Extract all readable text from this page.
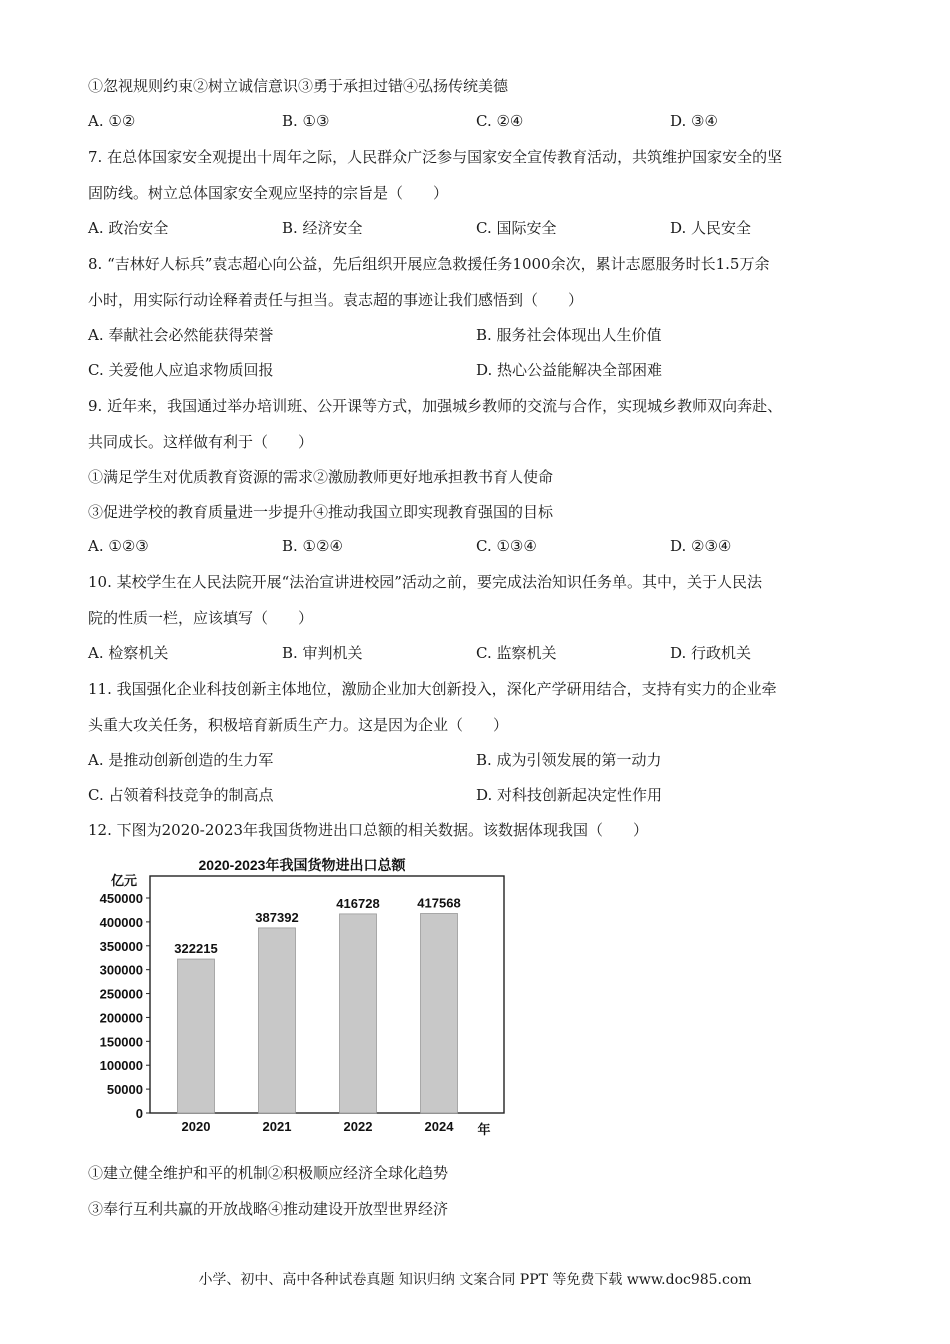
①忽视规则约束②树立诚信意识③勇于承担过错④弘扬传统美德
A. ①②	B. ①③	C. ②④	D. ③④
7. 在总体国家安全观提出十周年之际，人民群众广泛参与国家安全宣传教育活动，共筑维护国家安全的坚
固防线。树立总体国家安全观应坚持的宗旨是（　　）
A. 政治安全	B. 经济安全	C. 国际安全	D. 人民安全
8. “吉林好人标兵”袁志超心向公益，先后组织开展应急救援任务1000余次，累计志愿服务时长1.5万余
小时，用实际行动诠释着责任与担当。袁志超的事迹让我们感悟到（　　）
A. 奉献社会必然能获得荣誉	B. 服务社会体现出人生价值
C. 关爱他人应追求物质回报	D. 热心公益能解决全部困难
9. 近年来，我国通过举办培训班、公开课等方式，加强城乡教师的交流与合作，实现城乡教师双向奔赴、
共同成长。这样做有利于（　　）
①满足学生对优质教育资源的需求②激励教师更好地承担教书育人使命
③促进学校的教育质量进一步提升④推动我国立即实现教育强国的目标
A. ①②③	B. ①②④	C. ①③④	D. ②③④
10. 某校学生在人民法院开展“法治宣讲进校园”活动之前，要完成法治知识任务单。其中，关于人民法
院的性质一栏，应该填写（　　）
A. 检察机关	B. 审判机关	C. 监察机关	D. 行政机关
11. 我国强化企业科技创新主体地位，激励企业加大创新投入，深化产学研用结合，支持有实力的企业牵
头重大攻关任务，积极培育新质生产力。这是因为企业（　　）
A. 是推动创新创造的生力军	B. 成为引领发展的第一动力
C. 占领着科技竞争的制高点	D. 对科技创新起决定性作用
12. 下图为2020-2023年我国货物进出口总额的相关数据。该数据体现我国（　　）
2020-2023年我国货物进出口总额
亿元
0
50000
100000
150000
200000
250000
300000
350000
400000
450000
322215
2020
387392
2021
416728
2022
417568
2024 年
①建立健全维护和平的机制②积极顺应经济全球化趋势
③奉行互利共赢的开放战略④推动建设开放型世界经济
小学、初中、高中各种试卷真题 知识归纳 文案合同 PPT 等免费下载 www.doc985.com
